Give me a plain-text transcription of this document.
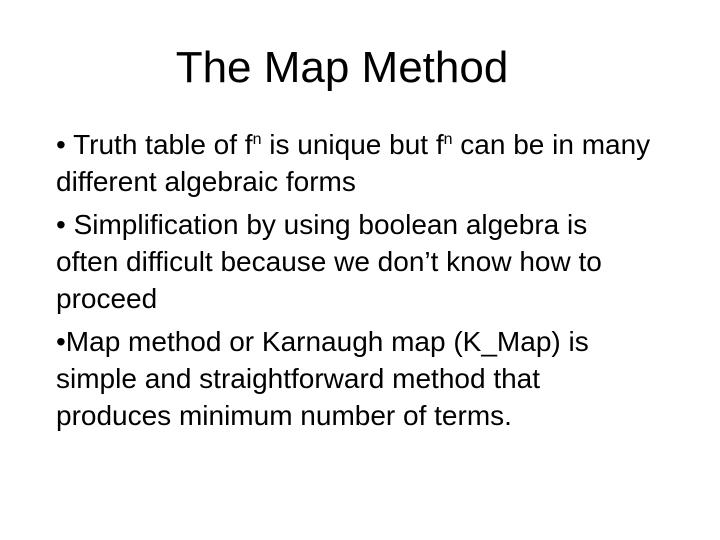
The Map Method

• Truth table of $f^n$ is unique but $f^n$ can be in many different algebraic forms

• Simplification by using boolean algebra is often difficult because we don’t know how to proceed

•Map method or Karnaugh map (K_Map) is simple and straightforward method that produces minimum number of terms.
